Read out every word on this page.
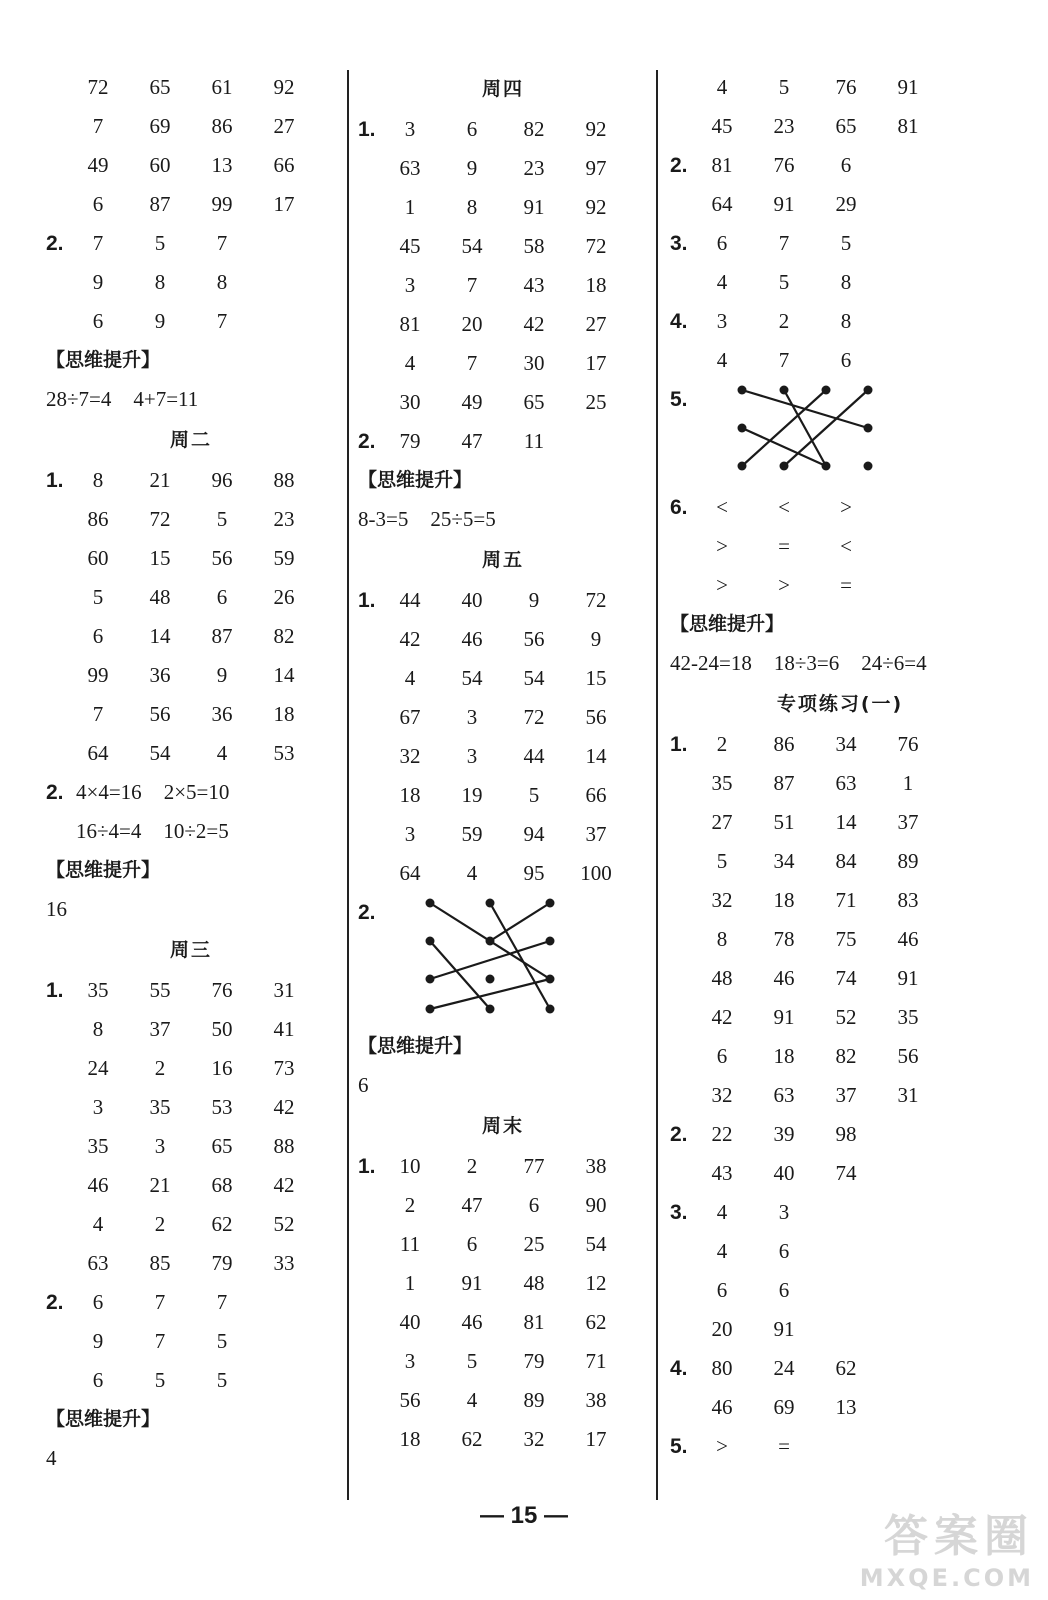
72	65	61	92
7	69	86	27
49	60	13	66
6	87	99	17
2.	7	5	7
9	8	8
6	9	7
【思维提升】
28÷7=4 4+7=11
周二
1.	8	21	96	88
86	72	5	23
60	15	56	59
5	48	6	26
6	14	87	82
99	36	9	14
7	56	36	18
64	54	4	53
2. 4×4=16 2×5=10
16÷4=4 10÷2=5
【思维提升】
16
周三
1.	35	55	76	31
8	37	50	41
24	2	16	73
3	35	53	42
35	3	65	88
46	21	68	42
4	2	62	52
63	85	79	33
2.	6	7	7
9	7	5
6	5	5
【思维提升】
4
周四
1.	3	6	82	92
63	9	23	97
1	8	91	92
45	54	58	72
3	7	43	18
81	20	42	27
4	7	30	17
30	49	65	25
2.	79	47	11
【思维提升】
8-3=5 25÷5=5
周五
1.	44	40	9	72
42	46	56	9
4	54	54	15
67	3	72	56
32	3	44	14
18	19	5	66
3	59	94	37
64	4	95	100
2.
【思维提升】
6
周末
1.	10	2	77	38
2	47	6	90
11	6	25	54
1	91	48	12
40	46	81	62
3	5	79	71
56	4	89	38
18	62	32	17
4	5	76	91
45	23	65	81
2.	81	76	6
64	91	29
3.	6	7	5
4	5	8
4.	3	2	8
4	7	6
5.
6.	<	<	>
>	=	<
>	>	=
【思维提升】
42-24=18 18÷3=6 24÷6=4
专项练习(一)
1.	2	86	34	76
35	87	63	1
27	51	14	37
5	34	84	89
32	18	71	83
8	78	75	46
48	46	74	91
42	91	52	35
6	18	82	56
32	63	37	31
2.	22	39	98
43	40	74
3.	4	3
4	6
6	6
20	91
4.	80	24	62
46	69	13
5.	>	=
— 15 —	答案圈
MXQE.COM
